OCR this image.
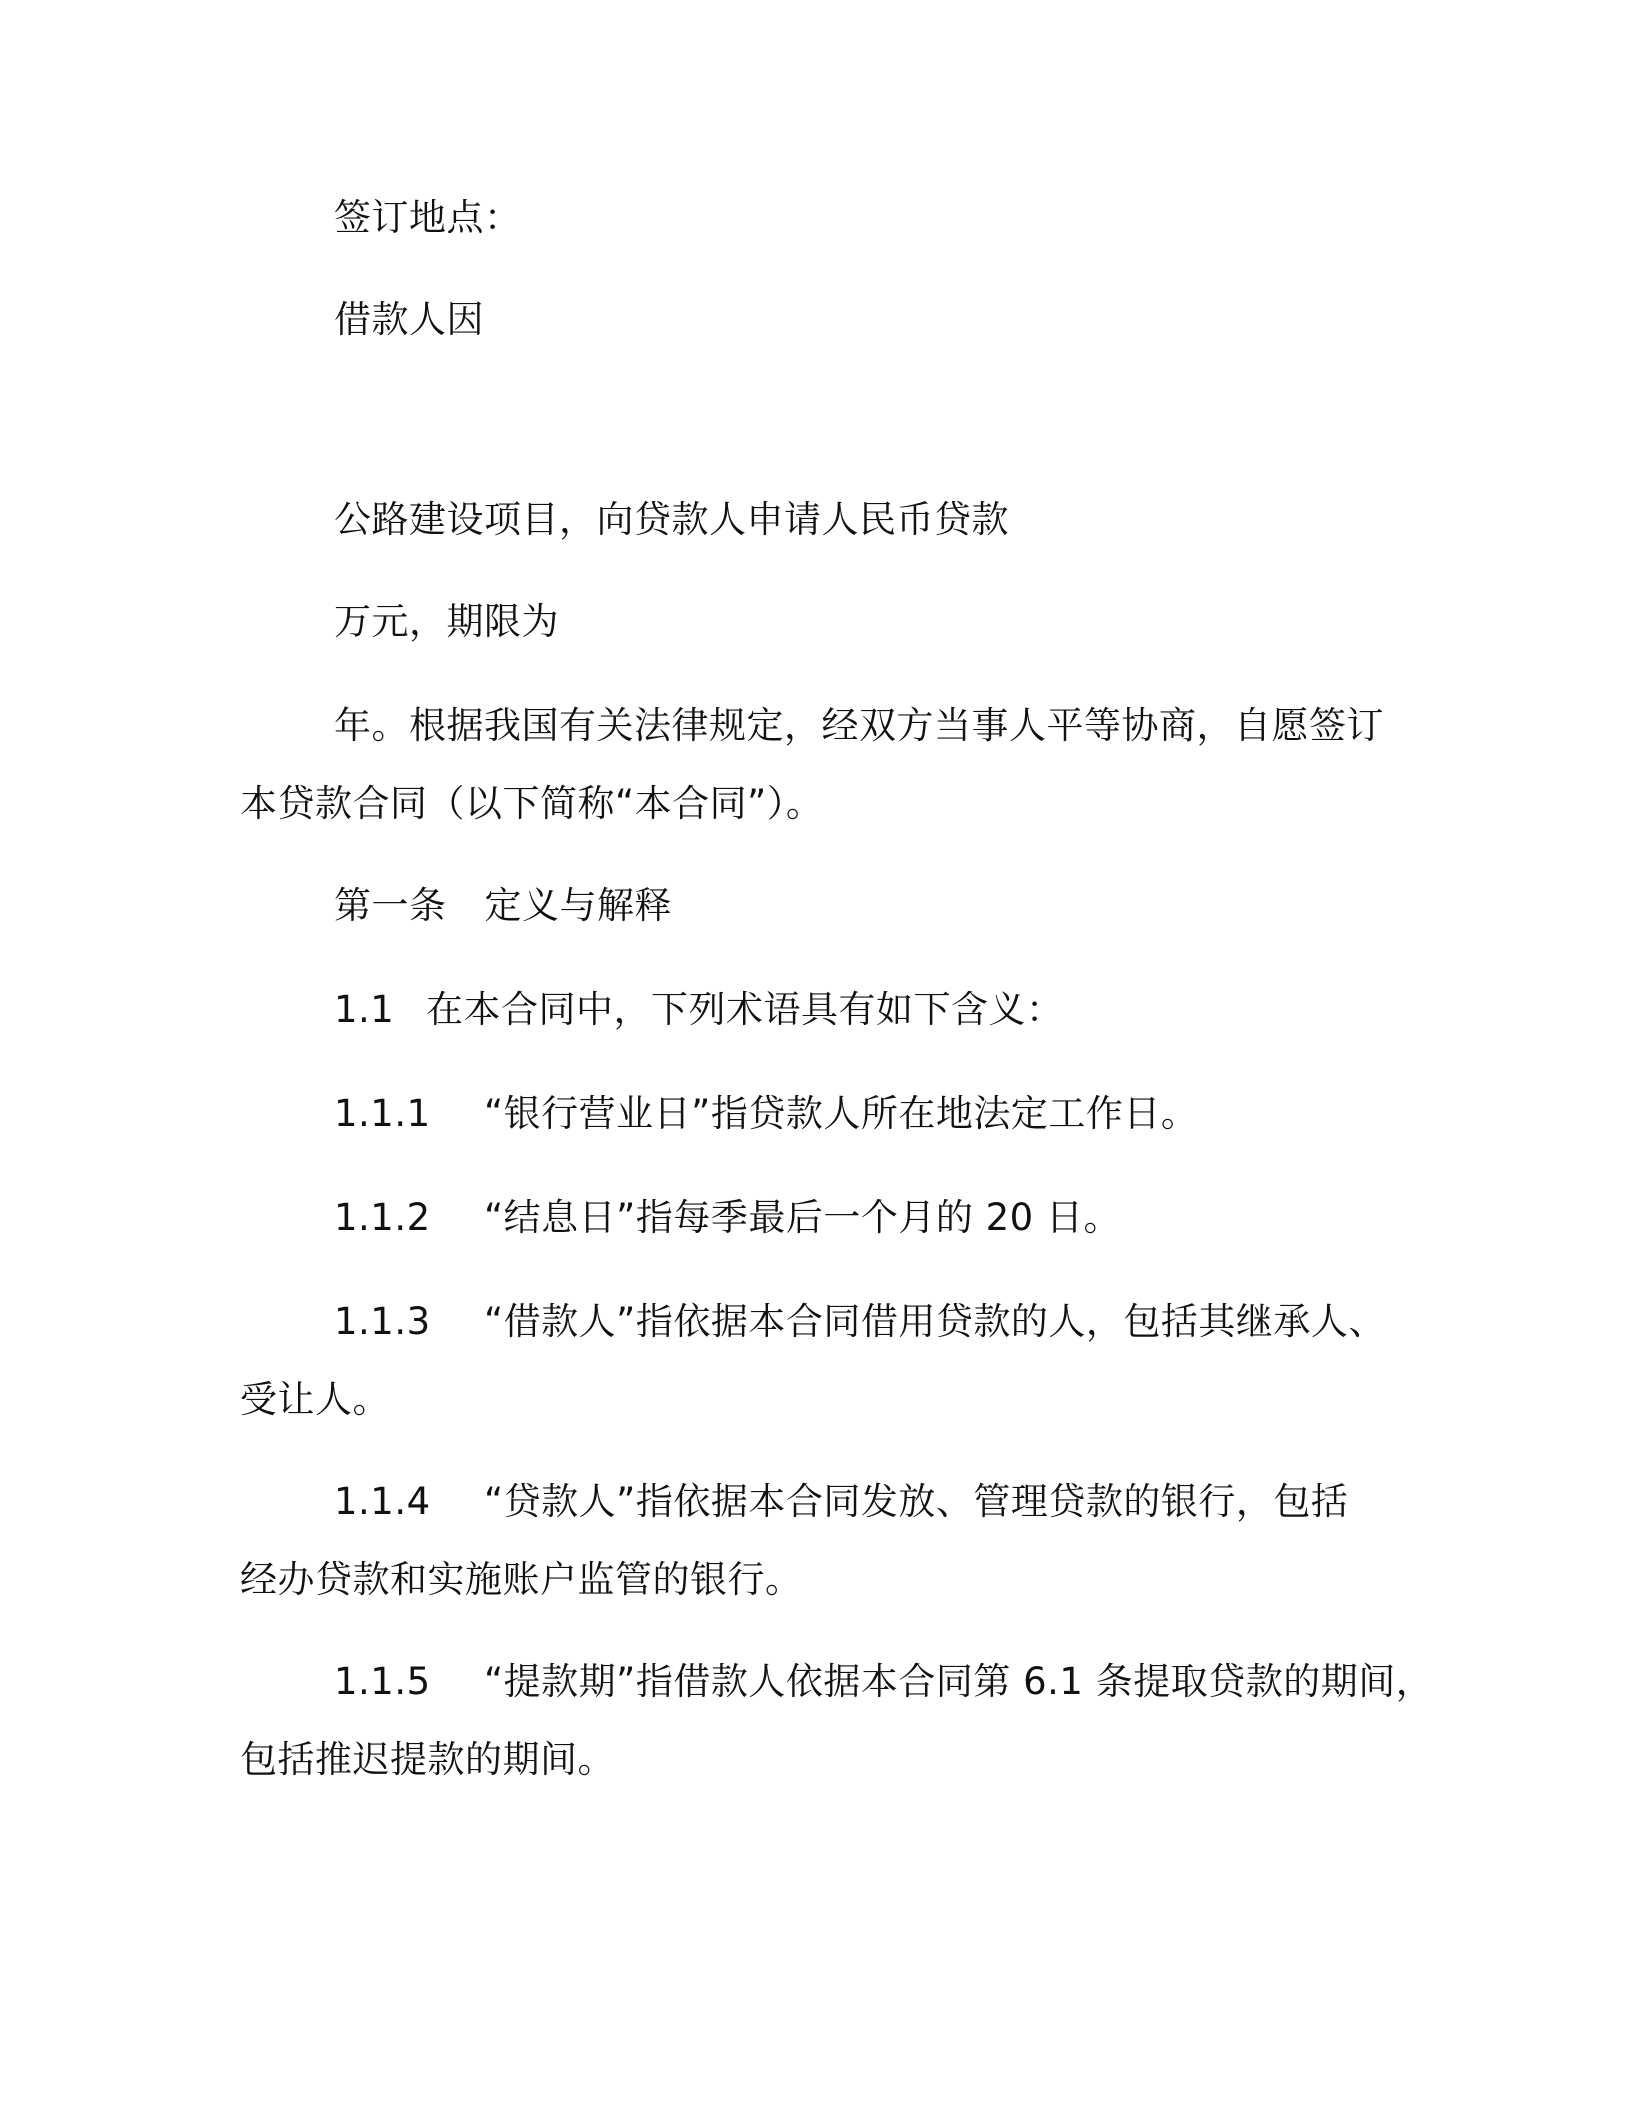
签订地点：
借款人因
公路建设项目，向贷款人申请人民币贷款
万元，期限为
年。根据我国有关法律规定，经双方当事人平等协商，自愿签订
本贷款合同（以下简称“本合同”）。
第一条 定义与解释
1.1 在本合同中，下列术语具有如下含义：
1.1.1 “银行营业日”指贷款人所在地法定工作日。
1.1.2 “结息日”指每季最后一个月的 20 日。
1.1.3 “借款人”指依据本合同借用贷款的人，包括其继承人、
受让人。
1.1.4 “贷款人”指依据本合同发放、管理贷款的银行，包括
经办贷款和实施账户监管的银行。
1.1.5 “提款期”指借款人依据本合同第 6.1 条提取贷款的期间，
包括推迟提款的期间。
